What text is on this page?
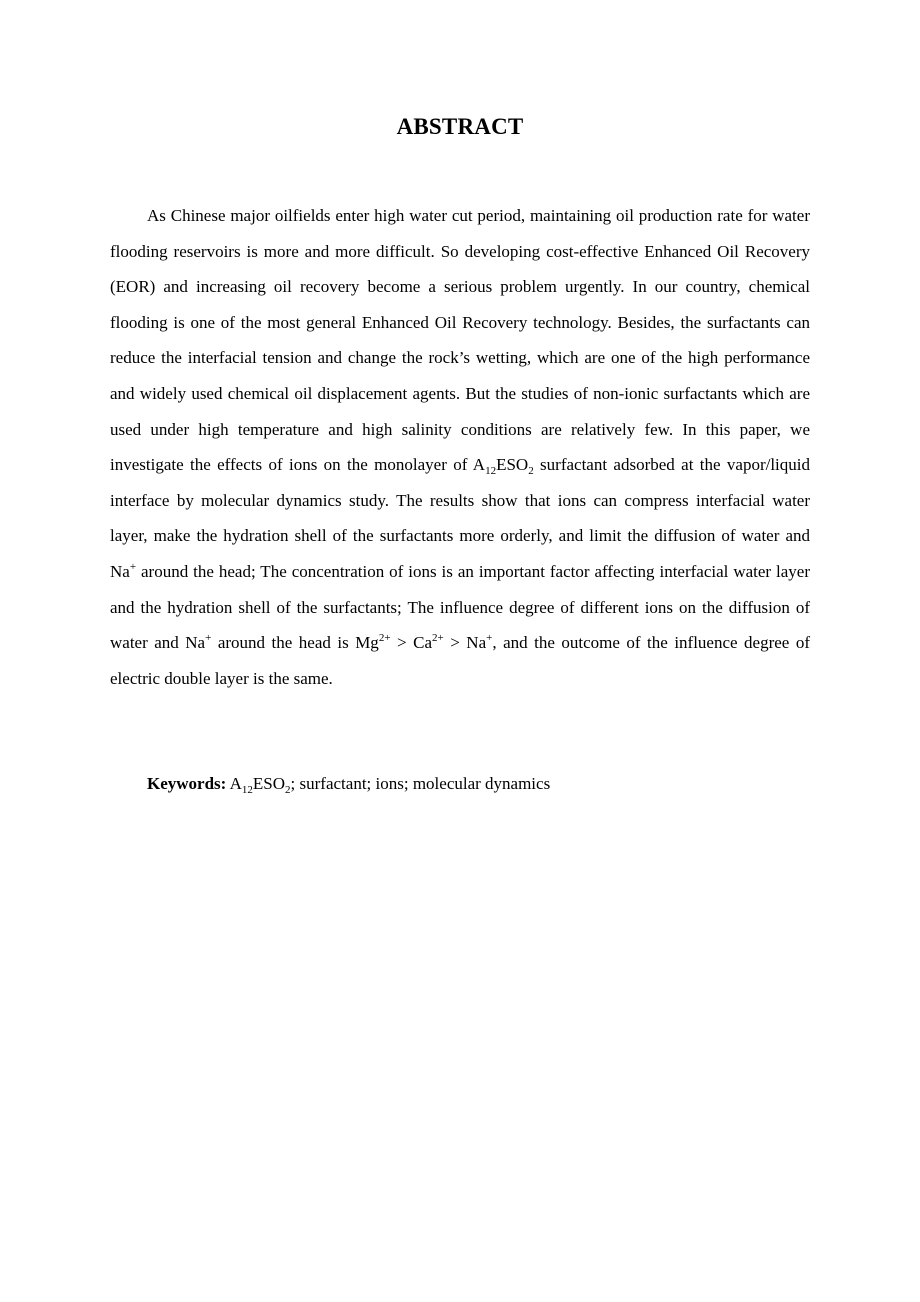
ABSTRACT

As Chinese major oilfields enter high water cut period, maintaining oil production rate for water flooding reservoirs is more and more difficult. So developing cost-effective Enhanced Oil Recovery (EOR) and increasing oil recovery become a serious problem urgently. In our country, chemical flooding is one of the most general Enhanced Oil Recovery technology. Besides, the surfactants can reduce the interfacial tension and change the rock’s wetting, which are one of the high performance and widely used chemical oil displacement agents. But the studies of non-ionic surfactants which are used under high temperature and high salinity conditions are relatively few. In this paper, we investigate the effects of ions on the monolayer of $A_{12}ESO_2$ surfactant adsorbed at the vapor/liquid interface by molecular dynamics study. The results show that ions can compress interfacial water layer, make the hydration shell of the surfactants more orderly, and limit the diffusion of water and Na+ around the head; The concentration of ions is an important factor affecting interfacial water layer and the hydration shell of the surfactants; The influence degree of different ions on the diffusion of water and Na+ around the head is $Mg^{2+} > Ca^{2+} > Na^+$, and the outcome of the influence degree of electric double layer is the same.

Keywords: $A_{12}ESO_2$; surfactant; ions; molecular dynamics
